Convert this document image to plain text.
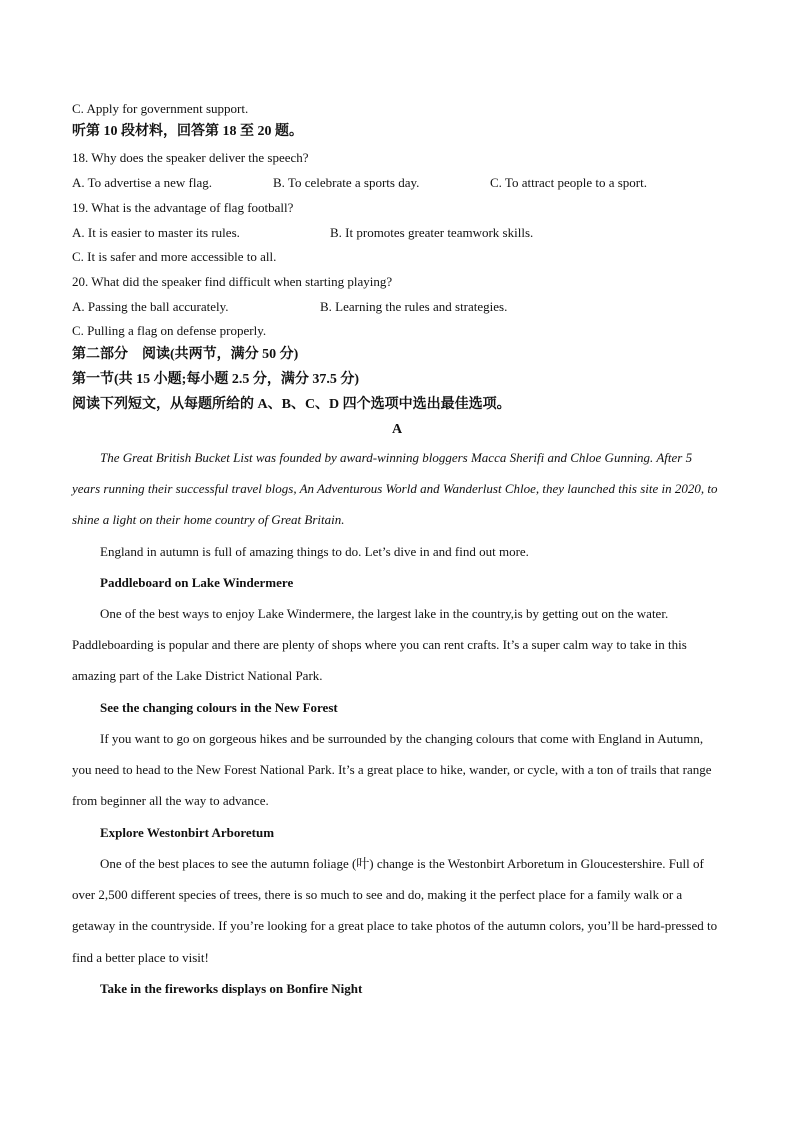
C. Apply for government support.
听第 10 段材料，回答第 18 至 20 题。
18. Why does the speaker deliver the speech?
A. To advertise a new flag.	B. To celebrate a sports day.	C. To attract people to a sport.
19. What is the advantage of flag football?
A. It is easier to master its rules.	B. It promotes greater teamwork skills.
C. It is safer and more accessible to all.
20. What did the speaker find difficult when starting playing?
A. Passing the ball accurately.	B. Learning the rules and strategies.
C. Pulling a flag on defense properly.
第二部分　阅读(共两节，满分 50 分)
第一节(共 15 小题;每小题 2.5 分，满分 37.5 分)
阅读下列短文，从每题所给的 A、B、C、D 四个选项中选出最佳选项。
A
The Great British Bucket List was founded by award-winning bloggers Macca Sherifi and Chloe Gunning. After 5 years running their successful travel blogs, An Adventurous World and Wanderlust Chloe, they launched this site in 2020, to shine a light on their home country of Great Britain.
England in autumn is full of amazing things to do. Let’s dive in and find out more.
Paddleboard on Lake Windermere
One of the best ways to enjoy Lake Windermere, the largest lake in the country,is by getting out on the water. Paddleboarding is popular and there are plenty of shops where you can rent crafts. It’s a super calm way to take in this amazing part of the Lake District National Park.
See the changing colours in the New Forest
If you want to go on gorgeous hikes and be surrounded by the changing colours that come with England in Autumn, you need to head to the New Forest National Park. It’s a great place to hike, wander, or cycle, with a ton of trails that range from beginner all the way to advance.
Explore Westonbirt Arboretum
One of the best places to see the autumn foliage (叶) change is the Westonbirt Arboretum in Gloucestershire. Full of over 2,500 different species of trees, there is so much to see and do, making it the perfect place for a family walk or a getaway in the countryside. If you’re looking for a great place to take photos of the autumn colors, you’ll be hard-pressed to find a better place to visit!
Take in the fireworks displays on Bonfire Night
